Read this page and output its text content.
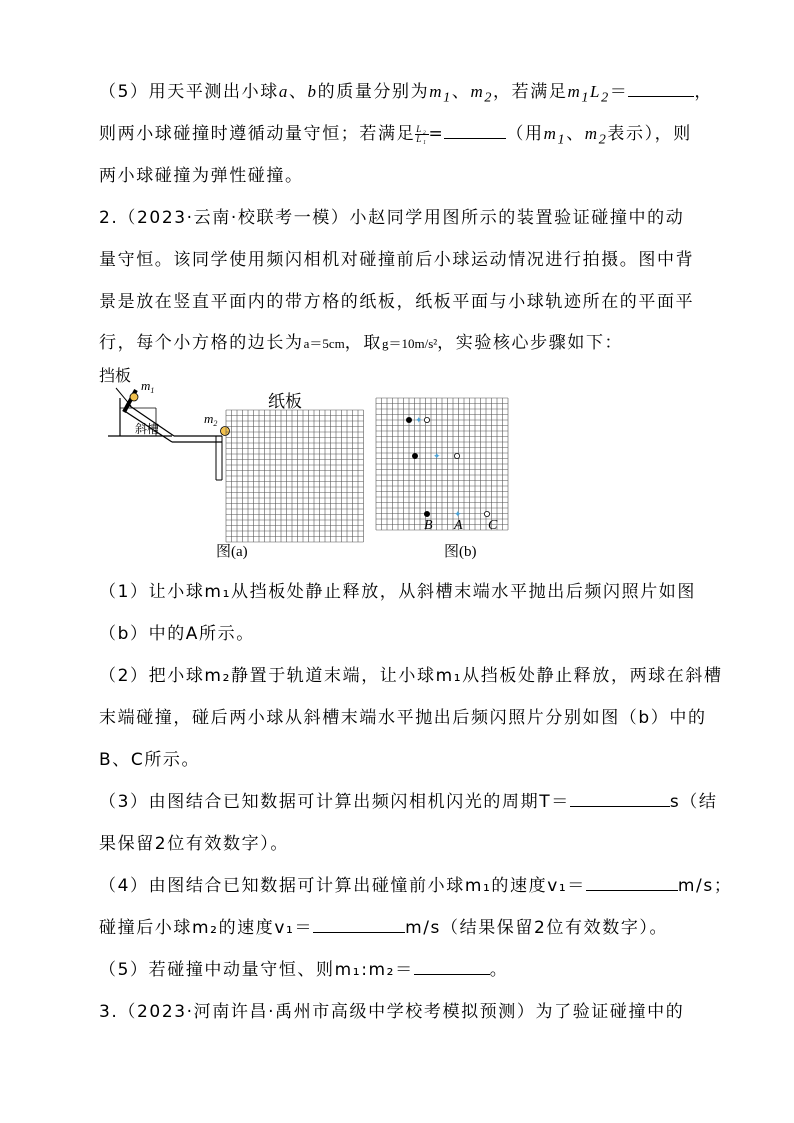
（5）用天平测出小球a、b的质量分别为$m_1$、$m_2$，若满足$m_1L_2=$	，
则两小球碰撞时遵循动量守恒；若满足 $\frac{\text{L₂}}{\text{L₁}}$ =	（用$m_1$、$m_2$表示），则
两小球碰撞为弹性碰撞。
2.（2023·云南·校联考一模）小赵同学用图所示的装置验证碰撞中的动
量守恒。该同学使用频闪相机对碰撞前后小球运动情况进行拍摄。图中背
景是放在竖直平面内的带方格的纸板，纸板平面与小球轨迹所在的平面平
行，每个小方格的边长为a＝5cm，取g＝10m/s²，实验核心步骤如下：
挡板
斜槽
$m_1$
$m_2$
纸板
图(a)
✦
✦
✦
B A C
图(b)
（1）让小球m₁从挡板处静止释放，从斜槽末端水平抛出后频闪照片如图
（b）中的A所示。
（2）把小球m₂静置于轨道末端，让小球m₁从挡板处静止释放，两球在斜槽
末端碰撞，碰后两小球从斜槽末端水平抛出后频闪照片分别如图（b）中的
B、C所示。
（3）由图结合已知数据可计算出频闪相机闪光的周期T＝	s（结
果保留2位有效数字）。
（4）由图结合已知数据可计算出碰憧前小球m₁的速度v₁＝	m/s；
碰撞后小球m₂的速度v₁＝	m/s（结果保留2位有效数字）。
（5）若碰撞中动量守恒、则m₁:m₂＝	。
3.（2023·河南许昌·禹州市高级中学校考模拟预测）为了验证碰撞中的
